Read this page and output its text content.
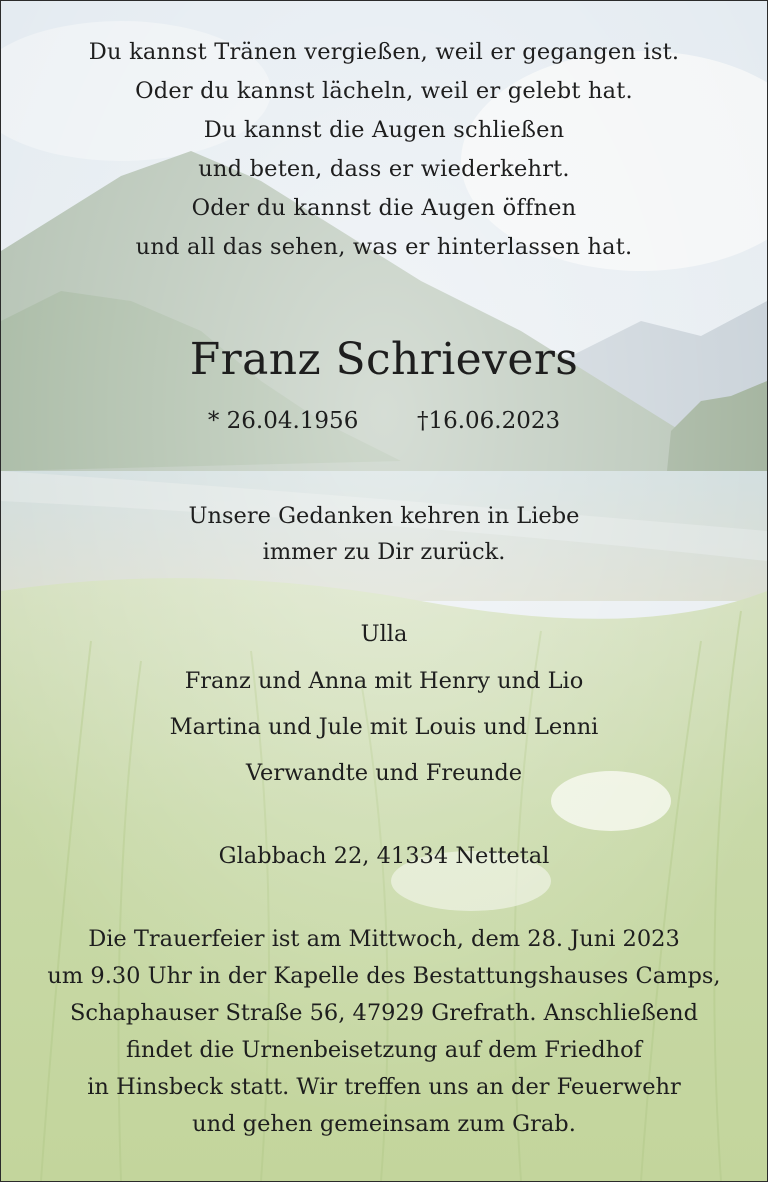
Du kannst Tränen vergießen, weil er gegangen ist.
Oder du kannst lächeln, weil er gelebt hat.
Du kannst die Augen schließen
und beten, dass er wiederkehrt.
Oder du kannst die Augen öffnen
und all das sehen, was er hinterlassen hat.
Franz Schrievers
* 26.04.1956	†16.06.2023
Unsere Gedanken kehren in Liebe
immer zu Dir zurück.
Ulla
Franz und Anna mit Henry und Lio
Martina und Jule mit Louis und Lenni
Verwandte und Freunde
Glabbach 22, 41334 Nettetal
Die Trauerfeier ist am Mittwoch, dem 28. Juni 2023
um 9.30 Uhr in der Kapelle des Bestattungshauses Camps,
Schaphauser Straße 56, 47929 Grefrath. Anschließend
findet die Urnenbeisetzung auf dem Friedhof
in Hinsbeck statt. Wir treffen uns an der Feuerwehr
und gehen gemeinsam zum Grab.
